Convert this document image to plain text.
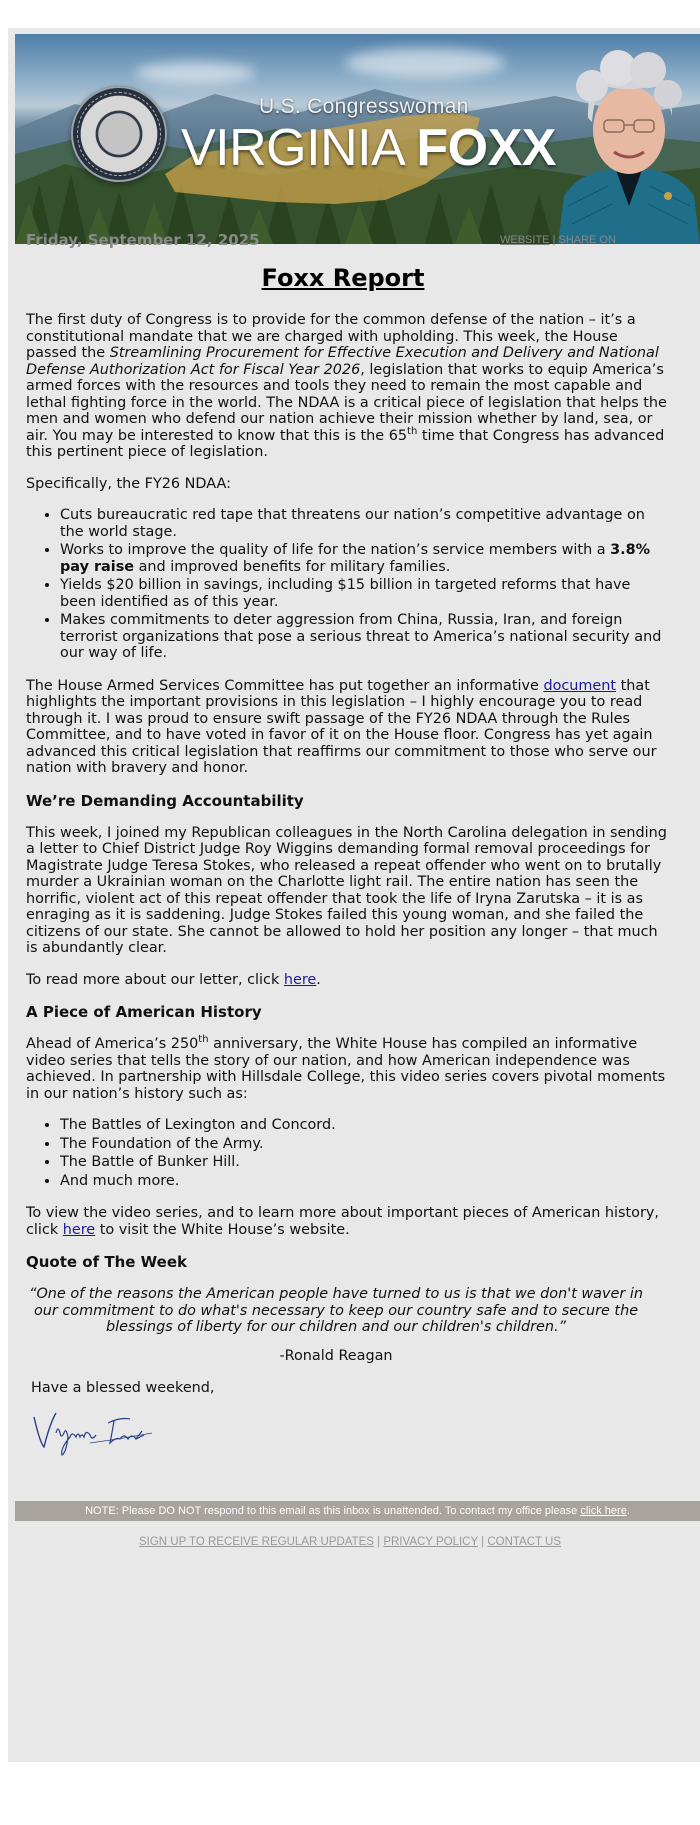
U.S. Congresswoman
VIRGINIA FOXX
Friday, September 12, 2025	WEBSITE | SHARE ON
Foxx Report

The first duty of Congress is to provide for the common defense of the nation – it’s a
constitutional mandate that we are charged with upholding. This week, the House
passed the Streamlining Procurement for Effective Execution and Delivery and National
Defense Authorization Act for Fiscal Year 2026, legislation that works to equip America’s
armed forces with the resources and tools they need to remain the most capable and
lethal fighting force in the world. The NDAA is a critical piece of legislation that helps the
men and women who defend our nation achieve their mission whether by land, sea, or
air. You may be interested to know that this is the 65th time that Congress has advanced
this pertinent piece of legislation.

Specifically, the FY26 NDAA:

• Cuts bureaucratic red tape that threatens our nation’s competitive advantage on
the world stage.
• Works to improve the quality of life for the nation’s service members with a 3.8%
pay raise and improved benefits for military families.
• Yields $20 billion in savings, including $15 billion in targeted reforms that have
been identified as of this year.
• Makes commitments to deter aggression from China, Russia, Iran, and foreign
terrorist organizations that pose a serious threat to America’s national security and
our way of life.

The House Armed Services Committee has put together an informative document that
highlights the important provisions in this legislation – I highly encourage you to read
through it. I was proud to ensure swift passage of the FY26 NDAA through the Rules
Committee, and to have voted in favor of it on the House floor. Congress has yet again
advanced this critical legislation that reaffirms our commitment to those who serve our
nation with bravery and honor.

We’re Demanding Accountability

This week, I joined my Republican colleagues in the North Carolina delegation in sending
a letter to Chief District Judge Roy Wiggins demanding formal removal proceedings for
Magistrate Judge Teresa Stokes, who released a repeat offender who went on to brutally
murder a Ukrainian woman on the Charlotte light rail. The entire nation has seen the
horrific, violent act of this repeat offender that took the life of Iryna Zarutska – it is as
enraging as it is saddening. Judge Stokes failed this young woman, and she failed the
citizens of our state. She cannot be allowed to hold her position any longer – that much
is abundantly clear.

To read more about our letter, click here.

A Piece of American History

Ahead of America’s 250th anniversary, the White House has compiled an informative
video series that tells the story of our nation, and how American independence was
achieved. In partnership with Hillsdale College, this video series covers pivotal moments
in our nation’s history such as:

• The Battles of Lexington and Concord.
• The Foundation of the Army.
• The Battle of Bunker Hill.
• And much more.

To view the video series, and to learn more about important pieces of American history,
click here to visit the White House’s website.

Quote of The Week
“One of the reasons the American people have turned to us is that we don't waver in
our commitment to do what's necessary to keep our country safe and to secure the
blessings of liberty for our children and our children's children.”
-Ronald Reagan
Have a blessed weekend,
NOTE: Please DO NOT respond to this email as this inbox is unattended. To contact my office please click here.
SIGN UP TO RECEIVE REGULAR UPDATES | PRIVACY POLICY | CONTACT US
